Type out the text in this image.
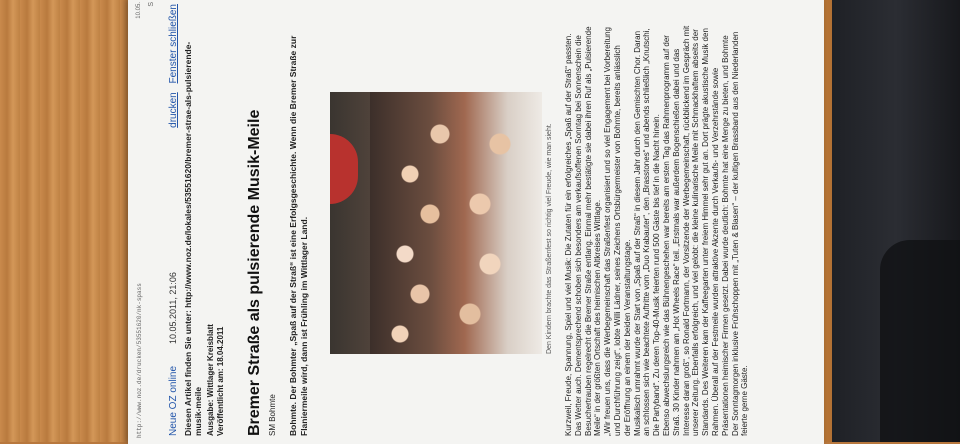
http://www.noz.de/drucken/53551620/nk-spass
10.05. S
Neue OZ online
10.05.2011, 21:06
drucken Fenster schließen Diesen Artikel finden Sie unter: http://www.noz.de/lokales/53551620/bremer-strae-als-pulsierende-musik-meile Ausgabe: Wittlager Kreisblatt Veröffentlicht am: 18.04.2011 Bremer Straße als pulsierende Musik-Meile SM Bohmte Bohmte. Der Bohmter „Spaß auf der Straß“ ist eine Erfolgsgeschichte. Wenn die Bremer Straße zur Flaniermeile wird, dann ist Frühling im Wittlager Land.	Den Kindern brachte das Straßenfest so richtig viel Freude, wie man sieht. Kurzweil, Freude, Spannung, Spiel und viel Musik: Die Zutaten für ein erfolgreiches „Spaß auf der Straß“ passten. Das Wetter auch. Dementsprechend schoben sich besonders am verkaufsoffenen Sonntag bei Sonnenschein die Besuchertrauben regelrecht die Bremer Straße entlang. Einmal mehr bestätigte sie dabei ihren Ruf als „Pulsierende Meile“ in der größten Ortschaft des heimischen Altkreises Wittlage. „Wir freuen uns, dass die Werbegemeinschaft das Straßenfest organisiert und so viel Engagement bei Vorbereitung und Durchführung zeigt“, lobte Willi Lädner, seines Zeichens Ortsbürgermeister von Bohmte, bereits anlässlich der Eröffnung an einem der beiden Veranstaltungstage. Musikalisch umrahmt wurde der Start von „Spaß auf der Straß“ in diesem Jahr durch den Gemischten Chor. Daran an schlossen sich wie beachtete Auftritte vom „Duo Krabauter“, den „Brasstones“ und abends schließlich „Knutschi, Die Partyband“. Zu deren Top-40-Musik feierten rund 500 Gäste bis tief in die Nacht hinein. Ebenso abwechslungsreich wie das Bühnengeschehen war bereits am ersten Tag das Rahmenprogramm auf der Straß. 30 Kinder nahmen am „Hot Wheels Race“ teil. „Erstmals war außerdem Bogenschießen dabei und das Interesse daran groß“, so Ronald Fortmann, der Vorsitzende der Werbegemeinschaft, rückblickend im Gespräch mit unserer Zeitung. Ebenfalls erfolgreich, und viel gelobt: die kleine kulinarische Meile mit Schmackhaftem abseits der Standards. Des Weiteren kam der Kaffeegarten unter freiem Himmel sehr gut an. Dort prägte akustische Musik den Rahmen. Überall auf der Festmeile wurden attraktive Akzente durch Verkaufs- und Verzehrstände sowie Präsentationen heimischer Firmen gesetzt. Dabei wurde deutlich: Bohmte hat eine Menge zu bieten, und Bohmte Der Sonntagmorgen inklusive Frühschoppen mit „Tuten & Blasen“ – der kultigen Brassband aus den Niederlanden feierte gerne Gäste.
